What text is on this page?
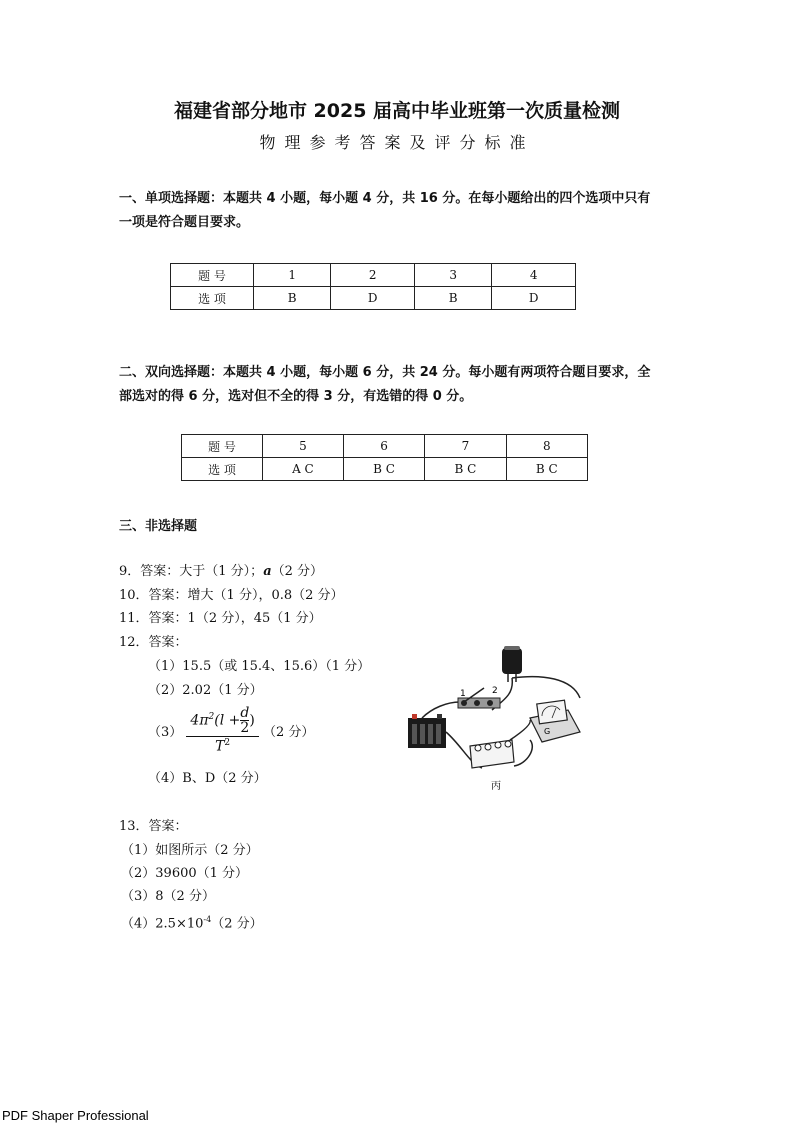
福建省部分地市 2025 届高中毕业班第一次质量检测
物理参考答案及评分标准
一、单项选择题：本题共 4 小题，每小题 4 分，共 16 分。在每小题给出的四个选项中只有
一项是符合题目要求。
题 号	1	2	3	4
选 项	B	D	B	D
二、双向选择题：本题共 4 小题，每小题 6 分，共 24 分。每小题有两项符合题目要求，全
部选对的得 6 分，选对但不全的得 3 分，有选错的得 0 分。
题 号	5	6	7	8
选 项	A C	B C	B C	B C
三、非选择题
9．答案：大于（1 分）；a（2 分）
10．答案：增大（1 分），0.8（2 分）
11．答案：1（2 分），45（1 分）
12．答案：
（1）15.5（或 15.4、15.6）（1 分）
（2）2.02（1 分）
$(3) \frac{4\pi^2(l + \frac{d}{2} )}{T^2} (2$ 分）
（4）B、D（2 分）
1	2
G
丙
13．答案：
（1）如图所示（2 分）
（2）39600（1 分）
（3）8（2 分）
$(4)2.5\times 10^{-4}(2$ 分）
PDF Shaper Professional
